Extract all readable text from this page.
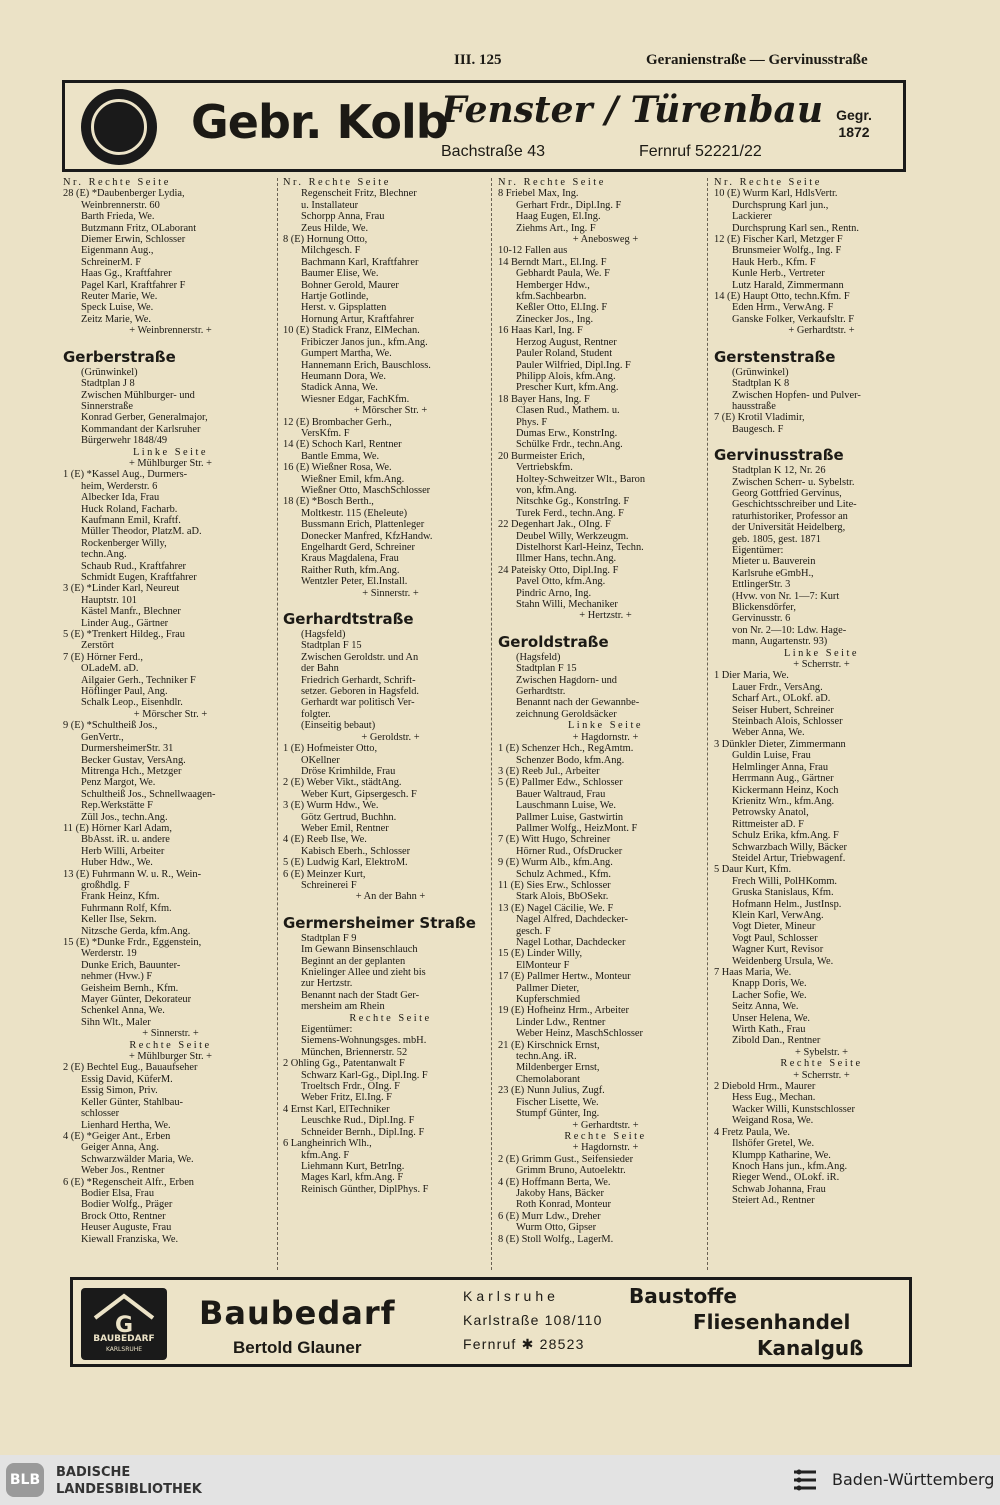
III. 125	Geranienstraße — Gervinusstraße
Gebr. Kolb
Fenster / Türenbau
Bachstraße 43	Fernruf 52221/22
Gegr.
1872
Nr. Rechte Seite
28 (E) *Daubenberger Lydia,
Weinbrennerstr. 60
Barth Frieda, We.
Butzmann Fritz, OLaborant
Diemer Erwin, Schlosser
Eigenmann Aug.,
SchreinerM. F
Haas Gg., Kraftfahrer
Pagel Karl, Kraftfahrer F
Reuter Marie, We.
Speck Luise, We.
Zeitz Marie, We.
+ Weinbrennerstr. +
Gerberstraße
(Grünwinkel)
Stadtplan J 8
Zwischen Mühlburger- und
Sinnerstraße
Konrad Gerber, Generalmajor,
Kommandant der Karlsruher
Bürgerwehr 1848/49
Linke Seite
+ Mühlburger Str. +
1 (E) *Kassel Aug., Durmers-
heim, Werderstr. 6
Albecker Ida, Frau
Huck Roland, Facharb.
Kaufmann Emil, Kraftf.
Müller Theodor, PlatzM. aD.
Rockenberger Willy,
techn.Ang.
Schaub Rud., Kraftfahrer
Schmidt Eugen, Kraftfahrer
3 (E) *Linder Karl, Neureut
Hauptstr. 101
Kästel Manfr., Blechner
Linder Aug., Gärtner
5 (E) *Trenkert Hildeg., Frau
Zerstört
7 (E) Hörner Ferd.,
OLadeM. aD.
Ailgaier Gerh., Techniker F
Höflinger Paul, Ang.
Schalk Leop., Eisenhdlr.
+ Mörscher Str. +
9 (E) *Schultheiß Jos.,
GenVertr.,
DurmersheimerStr. 31
Becker Gustav, VersAng.
Mitrenga Hch., Metzger
Penz Margot, We.
Schultheiß Jos., Schnellwaagen-
Rep.Werkstätte F
Züll Jos., techn.Ang.
11 (E) Hörner Karl Adam,
BbAsst. iR. u. andere
Herb Willi, Arbeiter
Huber Hdw., We.
13 (E) Fuhrmann W. u. R., Wein-
großhdlg. F
Frank Heinz, Kfm.
Fuhrmann Rolf, Kfm.
Keller Ilse, Sekrn.
Nitzsche Gerda, kfm.Ang.
15 (E) *Dunke Frdr., Eggenstein,
Werderstr. 19
Dunke Erich, Bauunter-
nehmer (Hvw.) F
Geisheim Bernh., Kfm.
Mayer Günter, Dekorateur
Schenkel Anna, We.
Sihn Wlt., Maler
+ Sinnerstr. +
Rechte Seite
+ Mühlburger Str. +
2 (E) Bechtel Eug., Bauaufseher
Essig David, KüferM.
Essig Simon, Priv.
Keller Günter, Stahlbau-
schlosser
Lienhard Hertha, We.
4 (E) *Geiger Ant., Erben
Geiger Anna, Ang.
Schwarzwälder Maria, We.
Weber Jos., Rentner
6 (E) *Regenscheit Alfr., Erben
Bodier Elsa, Frau
Bodier Wolfg., Präger
Brock Otto, Rentner
Heuser Auguste, Frau
Kiewall Franziska, We.
Nr. Rechte Seite
Regenscheit Fritz, Blechner
u. Installateur
Schorpp Anna, Frau
Zeus Hilde, We.
8 (E) Hornung Otto,
Milchgesch. F
Bachmann Karl, Kraftfahrer
Baumer Elise, We.
Bohner Gerold, Maurer
Hartje Gotlinde,
Herst. v. Gipsplatten
Hornung Artur, Kraftfahrer
10 (E) Stadick Franz, ElMechan.
Fribiczer Janos jun., kfm.Ang.
Gumpert Martha, We.
Hannemann Erich, Bauschloss.
Heumann Dora, We.
Stadick Anna, We.
Wiesner Edgar, FachKfm.
+ Mörscher Str. +
12 (E) Brombacher Gerh.,
VersKfm. F
14 (E) Schoch Karl, Rentner
Bantle Emma, We.
16 (E) Wießner Rosa, We.
Wießner Emil, kfm.Ang.
Wießner Otto, MaschSchlosser
18 (E) *Bosch Berth.,
Moltkestr. 115 (Eheleute)
Bussmann Erich, Plattenleger
Donecker Manfred, KfzHandw.
Engelhardt Gerd, Schreiner
Kraus Magdalena, Frau
Raither Ruth, kfm.Ang.
Wentzler Peter, El.Install.
+ Sinnerstr. +
Gerhardtstraße
(Hagsfeld)
Stadtplan F 15
Zwischen Geroldstr. und An
der Bahn
Friedrich Gerhardt, Schrift-
setzer. Geboren in Hagsfeld.
Gerhardt war politisch Ver-
folgter.
(Einseitig bebaut)
+ Geroldstr. +
1 (E) Hofmeister Otto,
OKellner
Dröse Krimhilde, Frau
2 (E) Weber Vikt., städtAng.
Weber Kurt, Gipsergesch. F
3 (E) Wurm Hdw., We.
Götz Gertrud, Buchhn.
Weber Emil, Rentner
4 (E) Reeb Ilse, We.
Kabisch Eberh., Schlosser
5 (E) Ludwig Karl, ElektroM.
6 (E) Meinzer Kurt,
Schreinerei F
+ An der Bahn +
Germersheimer Straße
Stadtplan F 9
Im Gewann Binsenschlauch
Beginnt an der geplanten
Knielinger Allee und zieht bis
zur Hertzstr.
Benannt nach der Stadt Ger-
mersheim am Rhein
Rechte Seite
Eigentümer:
Siemens-Wohnungsges. mbH.
München, Briennerstr. 52
2 Ohling Gg., Patentanwalt F
Schwarz Karl-Gg., Dipl.Ing. F
Troeltsch Frdr., OIng. F
Weber Fritz, El.Ing. F
4 Ernst Karl, ElTechniker
Leuschke Rud., Dipl.Ing. F
Schneider Bernh., Dipl.Ing. F
6 Langheinrich Wlh.,
kfm.Ang. F
Liehmann Kurt, BetrIng.
Mages Karl, kfm.Ang. F
Reinisch Günther, DiplPhys. F
Nr. Rechte Seite
8 Friebel Max, Ing.
Gerhart Frdr., Dipl.Ing. F
Haag Eugen, El.Ing.
Ziehms Art., Ing. F
+ Anebosweg +
10-12 Fallen aus
14 Berndt Mart., El.Ing. F
Gebhardt Paula, We. F
Hemberger Hdw.,
kfm.Sachbearbn.
Keßler Otto, El.Ing. F
Zinecker Jos., Ing.
16 Haas Karl, Ing. F
Herzog August, Rentner
Pauler Roland, Student
Pauler Wilfried, Dipl.Ing. F
Philipp Alois, kfm.Ang.
Prescher Kurt, kfm.Ang.
18 Bayer Hans, Ing. F
Clasen Rud., Mathem. u.
Phys. F
Dumas Erw., KonstrIng.
Schülke Frdr., techn.Ang.
20 Burmeister Erich,
Vertriebskfm.
Holtey-Schweitzer Wlt., Baron
von, kfm.Ang.
Nitschke Gg., KonstrIng. F
Turek Ferd., techn.Ang. F
22 Degenhart Jak., OIng. F
Deubel Willy, Werkzeugm.
Distelhorst Karl-Heinz, Techn.
Illmer Hans, techn.Ang.
24 Pateisky Otto, Dipl.Ing. F
Pavel Otto, kfm.Ang.
Pindric Arno, Ing.
Stahn Willi, Mechaniker
+ Hertzstr. +
Geroldstraße
(Hagsfeld)
Stadtplan F 15
Zwischen Hagdorn- und
Gerhardtstr.
Benannt nach der Gewannbe-
zeichnung Geroldsäcker
Linke Seite
+ Hagdornstr. +
1 (E) Schenzer Hch., RegAmtm.
Schenzer Bodo, kfm.Ang.
3 (E) Reeb Jul., Arbeiter
5 (E) Pallmer Edw., Schlosser
Bauer Waltraud, Frau
Lauschmann Luise, We.
Pallmer Luise, Gastwirtin
Pallmer Wolfg., HeizMont. F
7 (E) Witt Hugo, Schreiner
Hörner Rud., OfsDrucker
9 (E) Wurm Alb., kfm.Ang.
Schulz Achmed., Kfm.
11 (E) Sies Erw., Schlosser
Stark Alois, BbOSekr.
13 (E) Nagel Cäcilie, We. F
Nagel Alfred, Dachdecker-
gesch. F
Nagel Lothar, Dachdecker
15 (E) Linder Willy,
ElMonteur F
17 (E) Pallmer Hertw., Monteur
Pallmer Dieter,
Kupferschmied
19 (E) Hofheinz Hrm., Arbeiter
Linder Ldw., Rentner
Weber Heinz, MaschSchlosser
21 (E) Kirschnick Ernst,
techn.Ang. iR.
Mildenberger Ernst,
Chemolaborant
23 (E) Nunn Julius, Zugf.
Fischer Lisette, We.
Stumpf Günter, Ing.
+ Gerhardtstr. +
Rechte Seite
+ Hagdornstr. +
2 (E) Grimm Gust., Seifensieder
Grimm Bruno, Autoelektr.
4 (E) Hoffmann Berta, We.
Jakoby Hans, Bäcker
Roth Konrad, Monteur
6 (E) Murr Ldw., Dreher
Wurm Otto, Gipser
8 (E) Stoll Wolfg., LagerM.
Nr. Rechte Seite
10 (E) Wurm Karl, HdlsVertr.
Durchsprung Karl jun.,
Lackierer
Durchsprung Karl sen., Rentn.
12 (E) Fischer Karl, Metzger F
Brunsmeier Wolfg., Ing. F
Hauk Herb., Kfm. F
Kunle Herb., Vertreter
Lutz Harald, Zimmermann
14 (E) Haupt Otto, techn.Kfm. F
Eden Hrm., VerwAng. F
Ganske Folker, Verkaufsltr. F
+ Gerhardtstr. +
Gerstenstraße
(Grünwinkel)
Stadtplan K 8
Zwischen Hopfen- und Pulver-
hausstraße
7 (E) Krotil Vladimir,
Baugesch. F
Gervinusstraße
Stadtplan K 12, Nr. 26
Zwischen Scherr- u. Sybelstr.
Georg Gottfried Gervinus,
Geschichtsschreiber und Lite-
raturhistoriker, Professor an
der Universität Heidelberg,
geb. 1805, gest. 1871
Eigentümer:
Mieter u. Bauverein
Karlsruhe eGmbH.,
EttlingerStr. 3
(Hvw. von Nr. 1—7: Kurt
Blickensdörfer,
Gervinusstr. 6
von Nr. 2—10: Ldw. Hage-
mann, Augartenstr. 93)
Linke Seite
+ Scherrstr. +
1 Dier Maria, We.
Lauer Frdr., VersAng.
Scharf Art., OLokf. aD.
Seiser Hubert, Schreiner
Steinbach Alois, Schlosser
Weber Anna, We.
3 Dünkler Dieter, Zimmermann
Guldin Luise, Frau
Helmlinger Anna, Frau
Herrmann Aug., Gärtner
Kickermann Heinz, Koch
Krienitz Wrn., kfm.Ang.
Petrowsky Anatol,
Rittmeister aD. F
Schulz Erika, kfm.Ang. F
Schwarzbach Willy, Bäcker
Steidel Artur, Triebwagenf.
5 Daur Kurt, Kfm.
Frech Willi, PolHKomm.
Gruska Stanislaus, Kfm.
Hofmann Helm., JustInsp.
Klein Karl, VerwAng.
Vogt Dieter, Mineur
Vogt Paul, Schlosser
Wagner Kurt, Revisor
Weidenberg Ursula, We.
7 Haas Maria, We.
Knapp Doris, We.
Lacher Sofie, We.
Seitz Anna, We.
Unser Helena, We.
Wirth Kath., Frau
Zibold Dan., Rentner
+ Sybelstr. +
Rechte Seite
+ Scherrstr. +
2 Diebold Hrm., Maurer
Hess Eug., Mechan.
Wacker Willi, Kunstschlosser
Weigand Rosa, We.
4 Fretz Paula, We.
Ilshöfer Gretel, We.
Klumpp Katharine, We.
Knoch Hans jun., kfm.Ang.
Rieger Wend., OLokf. iR.
Schwab Johanna, Frau
Steiert Ad., Rentner
G
BAUBEDARF
KARLSRUHE
Baubedarf
Bertold Glauner
Karlsruhe
Karlstraße 108/110
Fernruf ✱ 28523
Baustoffe
Fliesenhandel
Kanalguß
BLB BADISCHE
LANDESBIBLIOTHEK
Baden-Württemberg
